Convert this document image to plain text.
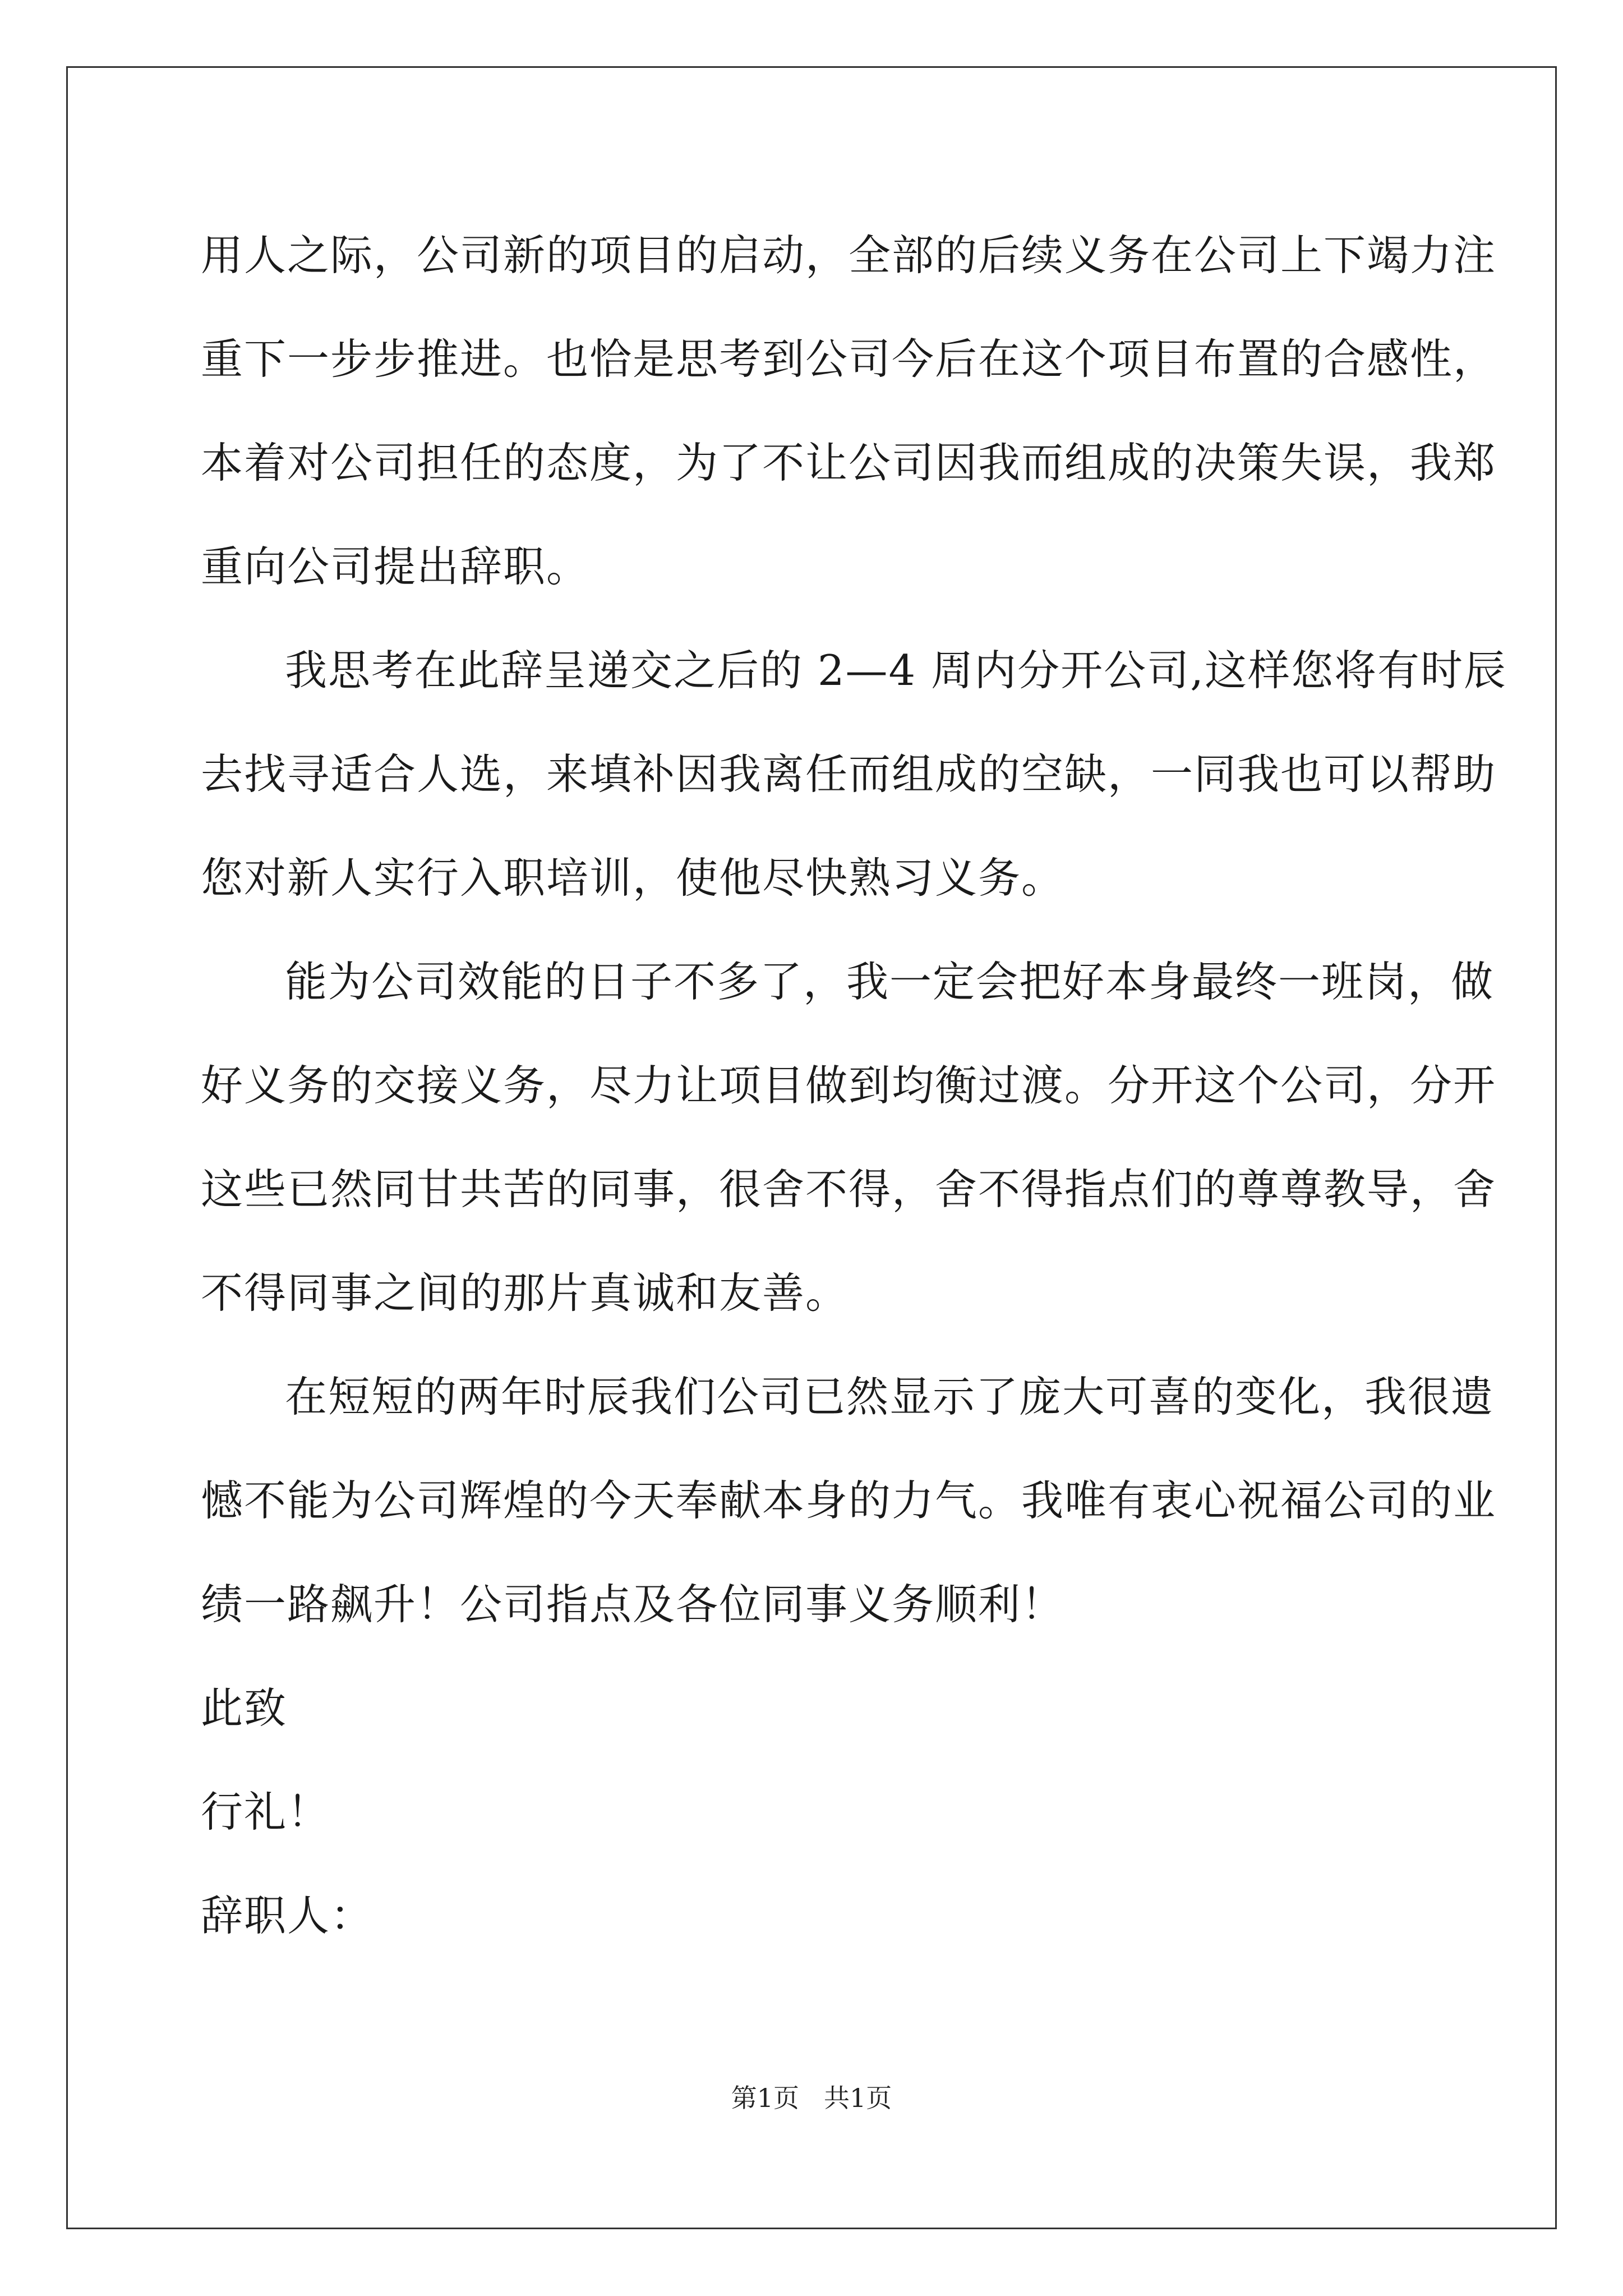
用人之际，公司新的项目的启动，全部的后续义务在公司上下竭力注
重下一步步推进。也恰是思考到公司今后在这个项目布置的合感性，
本着对公司担任的态度，为了不让公司因我而组成的决策失误，我郑
重向公司提出辞职。
我思考在此辞呈递交之后的 2—4 周内分开公司,这样您将有时辰
去找寻适合人选，来填补因我离任而组成的空缺，一同我也可以帮助
您对新人实行入职培训，使他尽快熟习义务。
能为公司效能的日子不多了，我一定会把好本身最终一班岗，做
好义务的交接义务，尽力让项目做到均衡过渡。分开这个公司，分开
这些已然同甘共苦的同事，很舍不得，舍不得指点们的尊尊教导，舍
不得同事之间的那片真诚和友善。
在短短的两年时辰我们公司已然显示了庞大可喜的变化，我很遗
憾不能为公司辉煌的今天奉献本身的力气。我唯有衷心祝福公司的业
绩一路飙升！公司指点及各位同事义务顺利！
此致
行礼！
辞职人：
第1页 共1页
